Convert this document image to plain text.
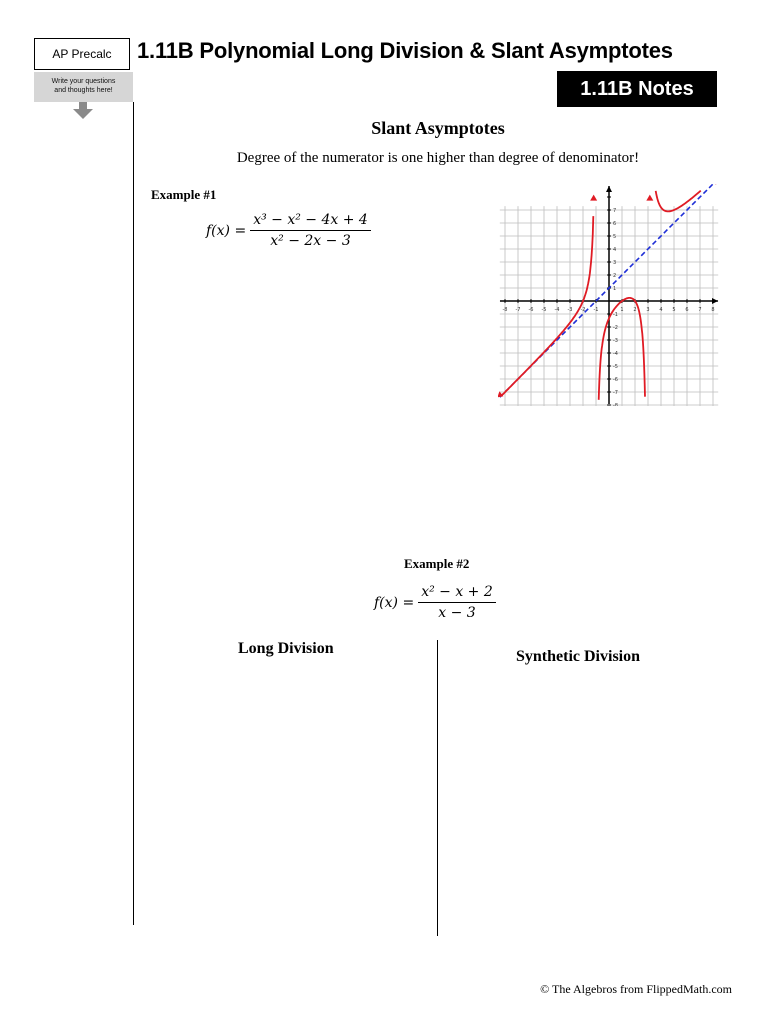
AP Precalc
Write your questions
and thoughts here!
1.11B Polynomial Long Division & Slant Asymptotes
1.11B Notes
Slant Asymptotes

Degree of the numerator is one higher than degree of denominator!

Example #1
$f(x) = \frac{\text{x³ − x² − 4x + 4}}{\text{x² − 2x − 3}}$
-8 -7 -6 -5 -4 -3 -2 -1	1 2 3 4 5 6 7 8
7
6
5
4
3
2
1
-1
-2
-3
-4
-5
-6
-7
-8
Example #2
$f(x) = \frac{\text{x² − x + 2}}{x - 3}$
Long Division	Synthetic Division
© The Algebros from FlippedMath.com
